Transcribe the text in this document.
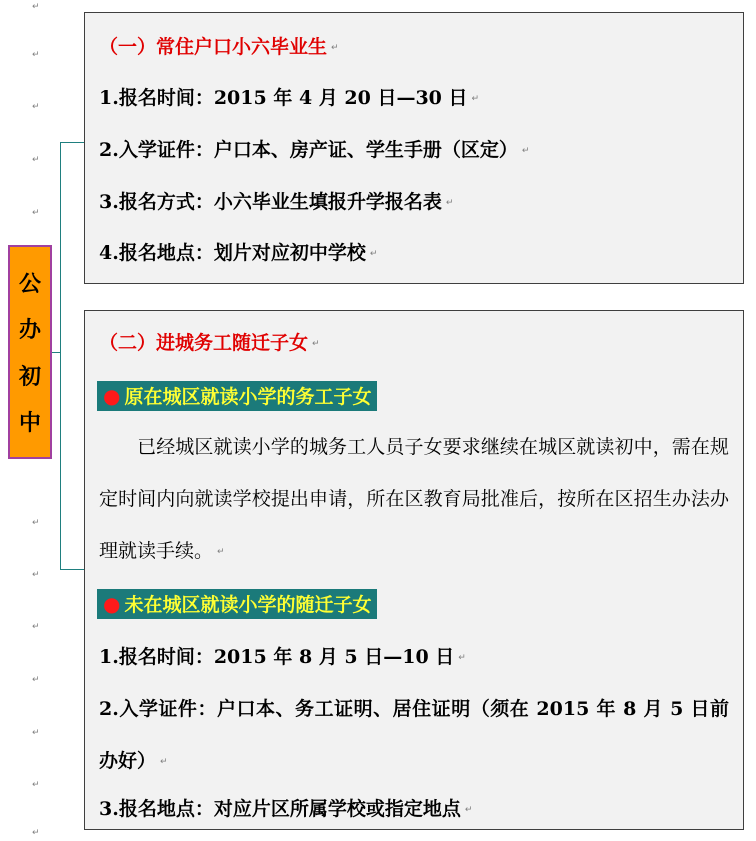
↵
↵
↵
↵
↵
↵
↵
↵
↵
↵
↵
↵
公
办
初
中
（一）常住户口小六毕业生 ↵
1.报名时间：2015 年 4 月 20 日—30 日 ↵
2.入学证件：户口本、房产证、学生手册（区定） ↵
3.报名方式：小六毕业生填报升学报名表 ↵
4.报名地点：划片对应初中学校 ↵
（二）进城务工随迁子女 ↵
● 原在城区就读小学的务工子女
已经城区就读小学的城务工人员子女要求继续在城区就读初中，需在规定时间内向就读学校提出申请，所在区教育局批准后，按所在区招生办法办理就读手续。 ↵
● 未在城区就读小学的随迁子女
1.报名时间：2015 年 8 月 5 日—10 日 ↵
2.入学证件：户口本、务工证明、居住证明（须在 2015 年 8 月 5 日前办好） ↵
3.报名地点：对应片区所属学校或指定地点 ↵
